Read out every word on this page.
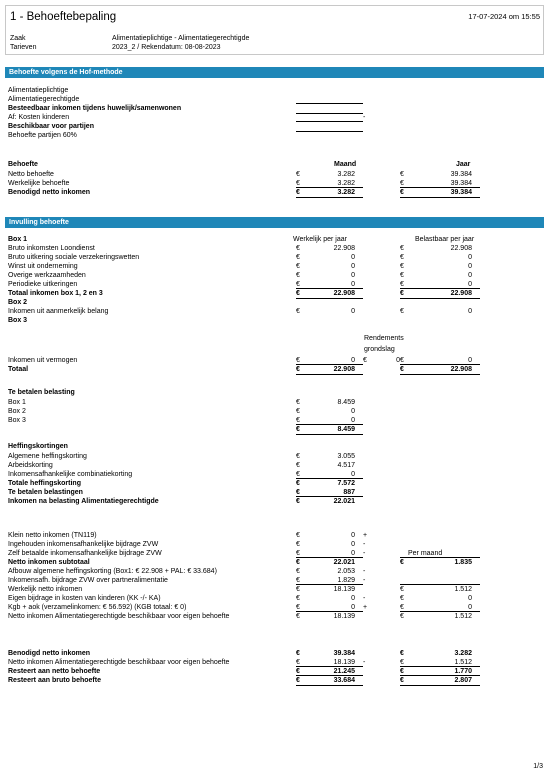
1 - Behoeftebepaling	17-07-2024 om 15:55
Zaak	Alimentatieplichtige - Alimentatiegerechtigde
Tarieven	2023_2 / Rekendatum: 08-08-2023
Behoefte volgens de Hof-methode
Invulling behoefte
1/3
Alimentatieplichtige
Alimentatiegerechtigde
Besteedbaar inkomen tijdens huwelijk/samenwonen
Af: Kosten kinderen	-
Beschikbaar voor partijen
Behoefte partijen 60%
Behoefte	Maand	Jaar
Netto behoefte	€	3.282	€	39.384
Werkelijke behoefte	€	3.282	€	39.384
Benodigd netto inkomen	€	3.282	€	39.384
Box 1	Werkelijk per jaar	Belastbaar per jaar
Bruto inkomsten Loondienst	€	22.908	€	22.908
Bruto uitkering sociale verzekeringswetten	€	0	€	0
Winst uit onderneming	€	0	€	0
Overige werkzaamheden	€	0	€	0
Periodieke uitkeringen	€	0	€	0
Totaal inkomen box 1, 2 en 3	€	22.908	€	22.908
Box 2
Inkomen uit aanmerkelijk belang	€	0	€	0
Box 3
Rendements
grondslag
Inkomen uit vermogen	€	0 €	0 €	0
Totaal	€	22.908	€	22.908
Te betalen belasting
Box 1	€	8.459
Box 2	€	0
Box 3	€	0
€	8.459
Heffingskortingen
Algemene heffingskorting	€	3.055
Arbeidskorting	€	4.517
Inkomensafhankelijke combinatiekorting	€	0
Totale heffingskorting	€	7.572
Te betalen belastingen	€	887
Inkomen na belasting Alimentatiegerechtigde	€	22.021
Klein netto inkomen (TN119)	€	0 +
Ingehouden inkomensafhankelijke bijdrage ZVW	€	0 -
Zelf betaalde inkomensafhankelijke bijdrage ZVW	€	0 -	Per maand
Netto inkomen subtotaal	€	22.021	€	1.835
Afbouw algemene heffingskorting (Box1: € 22.908 + PAL: € 33.684)	€	2.053 -
Inkomensafh. bijdrage ZVW over partneralimentatie	€	1.829 -
Werkelijk netto inkomen	€	18.139	€	1.512
Eigen bijdrage in kosten van kinderen (KK -/- KA)	€	0 -	€	0
Kgb + aok (verzamelinkomen: € 56.592) (KGB totaal: € 0)	€	0 +	€	0
Netto inkomen Alimentatiegerechtigde beschikbaar voor eigen behoefte	€	18.139	€	1.512
Benodigd netto inkomen	€	39.384	€	3.282
Netto inkomen Alimentatiegerechtigde beschikbaar voor eigen behoefte	€	18.139 -	€	1.512
Resteert aan netto behoefte	€	21.245	€	1.770
Resteert aan bruto behoefte	€	33.684	€	2.807
